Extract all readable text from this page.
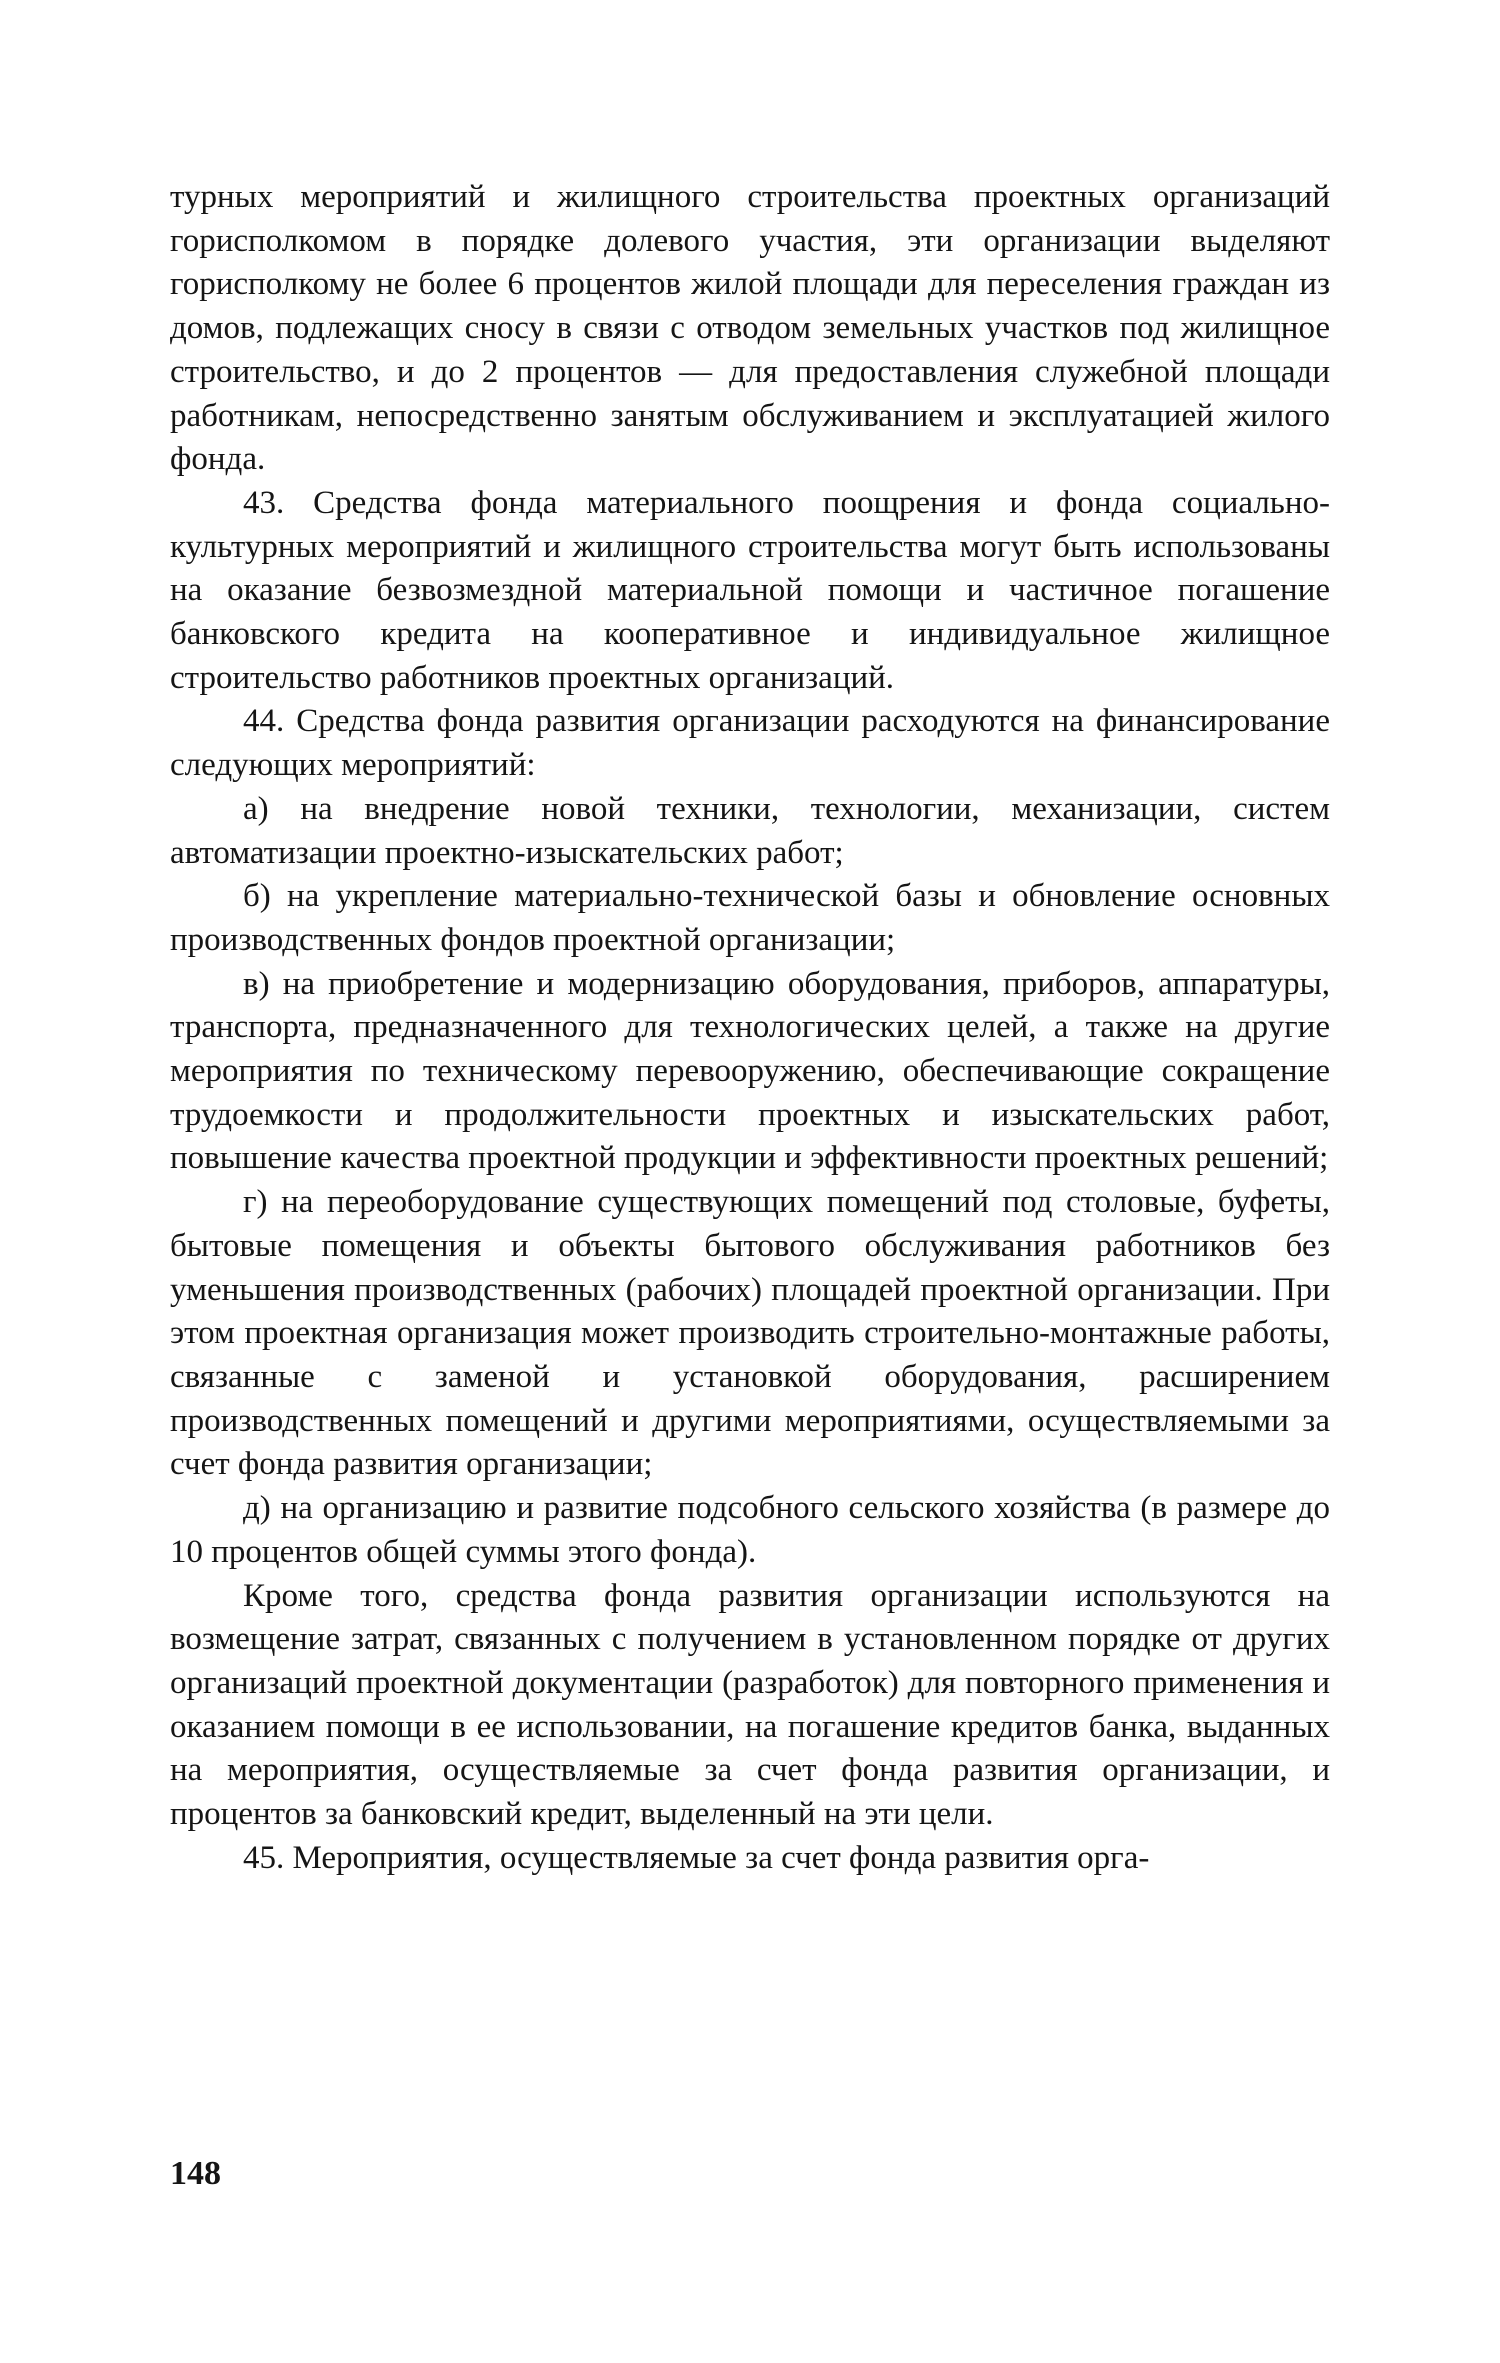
турных мероприятий и жилищного строительства проектных организаций горисполкомом в порядке долевого участия, эти организации выделяют горисполкому не более 6 процентов жилой площади для переселения граждан из домов, подлежащих сносу в связи с отводом земельных участков под жилищное строительство, и до 2 процентов — для предоставления служебной площади работникам, непосредственно занятым обслуживанием и эксплуатацией жилого фонда.

43. Средства фонда материального поощрения и фонда социально-культурных мероприятий и жилищного строительства могут быть использованы на оказание безвозмездной материальной помощи и частичное погашение банковского кредита на кооперативное и индивидуальное жилищное строительство работников проектных организаций.

44. Средства фонда развития организации расходуются на финансирование следующих мероприятий:

а) на внедрение новой техники, технологии, механизации, систем автоматизации проектно-изыскательских работ;

б) на укрепление материально-технической базы и обновление основных производственных фондов проектной организации;

в) на приобретение и модернизацию оборудования, приборов, аппаратуры, транспорта, предназначенного для технологических целей, а также на другие мероприятия по техническому перевооружению, обеспечивающие сокращение трудоемкости и продолжительности проектных и изыскательских работ, повышение качества проектной продукции и эффективности проектных решений;

г) на переоборудование существующих помещений под столовые, буфеты, бытовые помещения и объекты бытового обслуживания работников без уменьшения производственных (рабочих) площадей проектной организации. При этом проектная организация может производить строительно-монтажные работы, связанные с заменой и установкой оборудования, расширением производственных помещений и другими мероприятиями, осуществляемыми за счет фонда развития организации;

д) на организацию и развитие подсобного сельского хозяйства (в размере до 10 процентов общей суммы этого фонда).

Кроме того, средства фонда развития организации используются на возмещение затрат, связанных с получением в установленном порядке от других организаций проектной документации (разработок) для повторного применения и оказанием помощи в ее использовании, на погашение кредитов банка, выданных на мероприятия, осуществляемые за счет фонда развития организации, и процентов за банковский кредит, выделенный на эти цели.

45. Мероприятия, осуществляемые за счет фонда развития орга-

148
